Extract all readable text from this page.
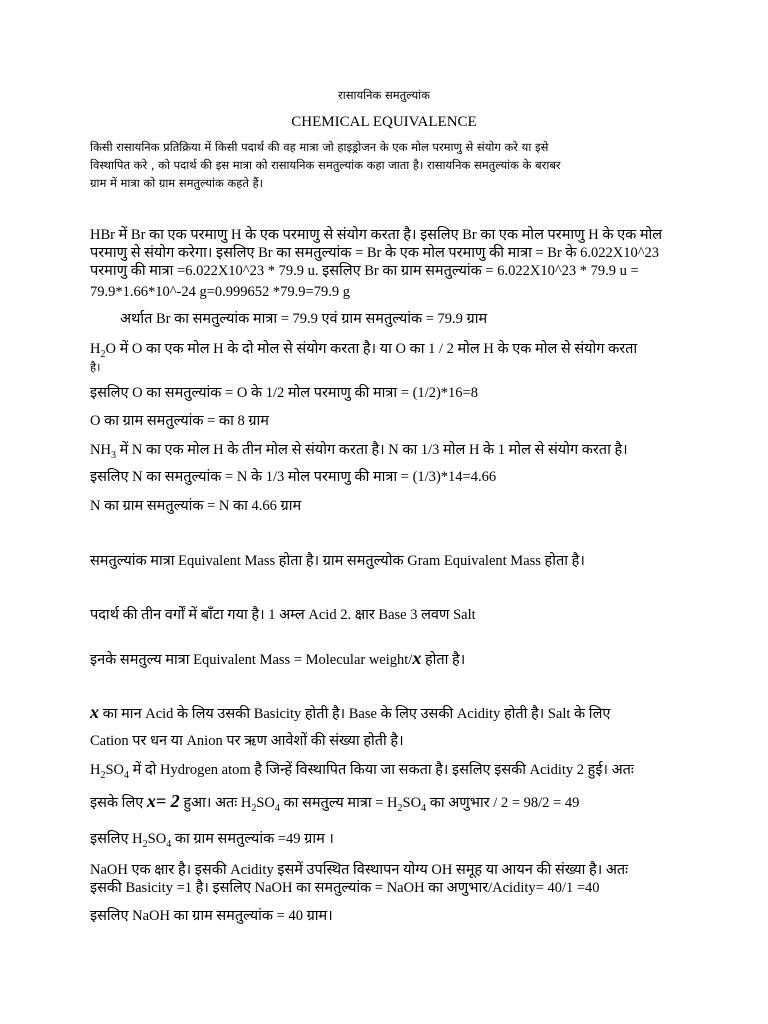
रासायनिक समतुल्यांक

CHEMICAL EQUIVALENCE

किसी रासायनिक प्रतिक्रिया में किसी पदार्थ की वह मात्रा जो हाइड्रोजन के एक मोल परमाणु से संयोग करे या इसे

विस्थापित करे , को पदार्थ की इस मात्रा को रासायनिक समतुल्यांक कहा जाता है। रासायनिक समतुल्यांक के बराबर

ग्राम में मात्रा को ग्राम समतुल्यांक कहते हैं।

HBr में Br का एक परमाणु H के एक परमाणु से संयोग करता है। इसलिए Br का एक मोल परमाणु H के एक मोल

परमाणु से संयोग करेगा। इसलिए Br का समतुल्यांक = Br के एक मोल परमाणु की मात्रा = Br के 6.022X10^23

परमाणु की मात्रा =6.022X10^23 * 79.9 u. इसलिए Br का ग्राम समतुल्यांक = 6.022X10^23 * 79.9 u =

79.9*1.66*10^-24 g=0.999652 *79.9=79.9 g

अर्थात Br का समतुल्यांक मात्रा = 79.9 एवं ग्राम समतुल्यांक = 79.9 ग्राम

$H_2O$ में O का एक मोल H के दो मोल से संयोग करता है। या O का 1 / 2 मोल H के एक मोल से संयोग करता

है।

इसलिए O का समतुल्यांक = O के 1/2 मोल परमाणु की मात्रा = (1/2)*16=8

O का ग्राम समतुल्यांक = का 8 ग्राम

$NH_3$ में N का एक मोल H के तीन मोल से संयोग करता है। N का 1/3 मोल H के 1 मोल से संयोग करता है।

इसलिए N का समतुल्यांक = N के 1/3 मोल परमाणु की मात्रा = (1/3)*14=4.66

N का ग्राम समतुल्यांक = N का 4.66 ग्राम

समतुल्यांक मात्रा Equivalent Mass होता है। ग्राम समतुल्योक Gram Equivalent Mass होता है।

पदार्थ की तीन वर्गों में बाँटा गया है। 1 अम्ल Acid 2. क्षार Base 3 लवण Salt

इनके समतुल्य मात्रा Equivalent Mass = Molecular weight/x होता है।

x का मान Acid के लिय उसकी Basicity होती है। Base के लिए उसकी Acidity होती है। Salt के लिए

Cation पर धन या Anion पर ऋण आवेशों की संख्या होती है।

$H_2SO_4$ में दो Hydrogen atom है जिन्हें विस्थापित किया जा सकता है। इसलिए इसकी Acidity 2 हुई। अतः

इसके लिए x= 2 हुआ। अतः $H_2SO_4$ का समतुल्य मात्रा = $H_2SO_4$ का अणुभार / 2 = 98/2 = 49

इसलिए $H_2SO_4$ का ग्राम समतुल्यांक =49 ग्राम ।

NaOH एक क्षार है। इसकी Acidity इसमें उपस्थित विस्थापन योग्य OH समूह या आयन की संख्या है। अतः

इसकी Basicity =1 है। इसलिए NaOH का समतुल्यांक = NaOH का अणुभार/Acidity= 40/1 =40

इसलिए NaOH का ग्राम समतुल्यांक = 40 ग्राम।
